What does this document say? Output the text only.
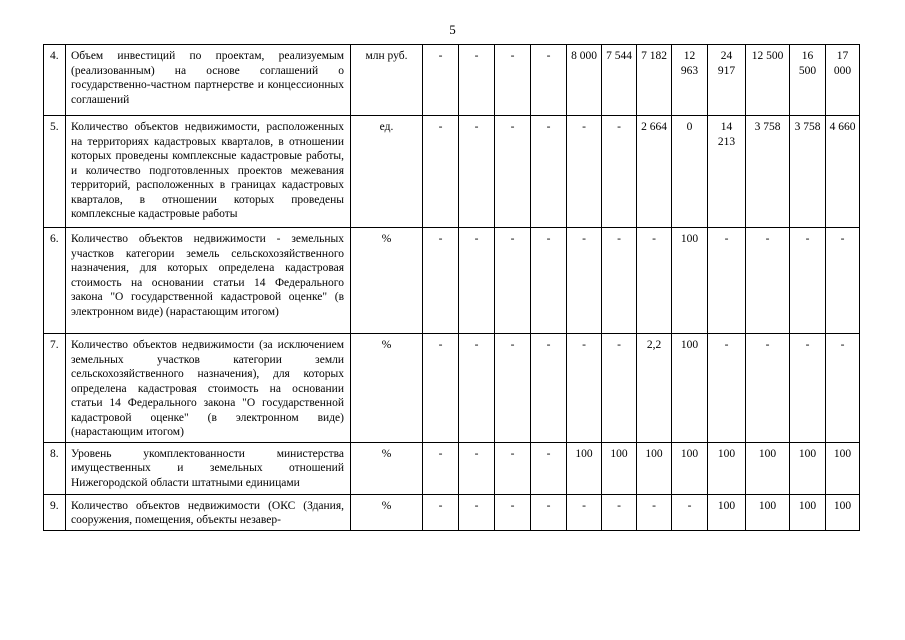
5
4.	Объем инвестиций по проектам, реализуемым (реализованным) на основе соглашений о государственно-частном партнерстве и концессионных соглашений	млн руб.	-	-	-	-	8 000	7 544	7 182	12 963	24 917	12 500	16 500	17 000
5.	Количество объектов недвижимости, расположенных на территориях кадастровых кварталов, в отношении которых проведены комплексные кадастровые работы, и количество подготовленных проектов межевания территорий, расположенных в границах кадастровых кварталов, в отношении которых проведены комплексные кадастровые работы	ед.	-	-	-	-	-	-	2 664	0	14 213	3 758	3 758	4 660
6.	Количество объектов недвижимости - земельных участков категории земель сельскохозяйственного назначения, для которых определена кадастровая стоимость на основании статьи 14 Федерального закона "О государственной кадастровой оценке" (в электронном виде) (нарастающим итогом)	%	-	-	-	-	-	-	-	100	-	-	-	-
7.	Количество объектов недвижимости (за исключением земельных участков категории земли сельскохозяйственного назначения), для которых определена кадастровая стоимость на основании статьи 14 Федерального закона "О государственной кадастровой оценке" (в электронном виде) (нарастающим итогом)	%	-	-	-	-	-	-	2,2	100	-	-	-	-
8.	Уровень укомплектованности министерства имущественных и земельных отношений Нижегородской области штатными единицами	%	-	-	-	-	100	100	100	100	100	100	100	100
9.	Количество объектов недвижимости (ОКС (Здания, сооружения, помещения, объекты незавер-	%	-	-	-	-	-	-	-	-	100	100	100	100
